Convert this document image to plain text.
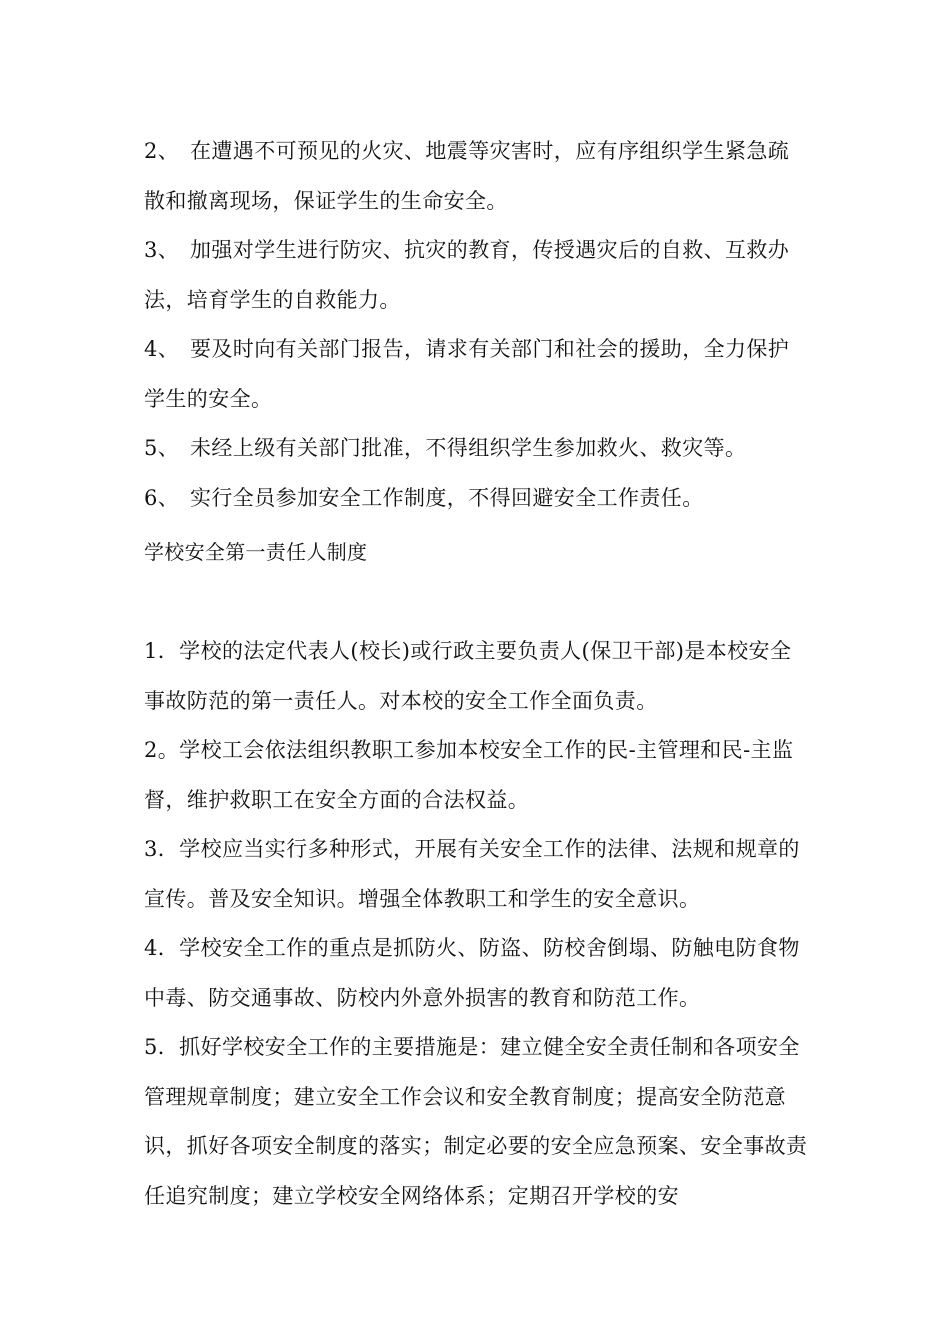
2、 在遭遇不可预见的火灾、地震等灾害时，应有序组织学生紧急疏散和撤离现场，保证学生的生命安全。

3、 加强对学生进行防灾、抗灾的教育，传授遇灾后的自救、互救办法，培育学生的自救能力。

4、 要及时向有关部门报告，请求有关部门和社会的援助，全力保护学生的安全。

5、 未经上级有关部门批准，不得组织学生参加救火、救灾等。

6、 实行全员参加安全工作制度，不得回避安全工作责任。

学校安全第一责任人制度

1．学校的法定代表人(校长)或行政主要负责人(保卫干部)是本校安全事故防范的第一责任人。对本校的安全工作全面负责。

2。学校工会依法组织教职工参加本校安全工作的民-主管理和民-主监督，维护救职工在安全方面的合法权益。

3．学校应当实行多种形式，开展有关安全工作的法律、法规和规章的宣传。普及安全知识。增强全体教职工和学生的安全意识。

4．学校安全工作的重点是抓防火、防盗、防校舍倒塌、防触电防食物中毒、防交通事故、防校内外意外损害的教育和防范工作。

5．抓好学校安全工作的主要措施是：建立健全安全责任制和各项安全管理规章制度；建立安全工作会议和安全教育制度；提高安全防范意识，抓好各项安全制度的落实；制定必要的安全应急预案、安全事故责任追究制度；建立学校安全网络体系；定期召开学校的安
